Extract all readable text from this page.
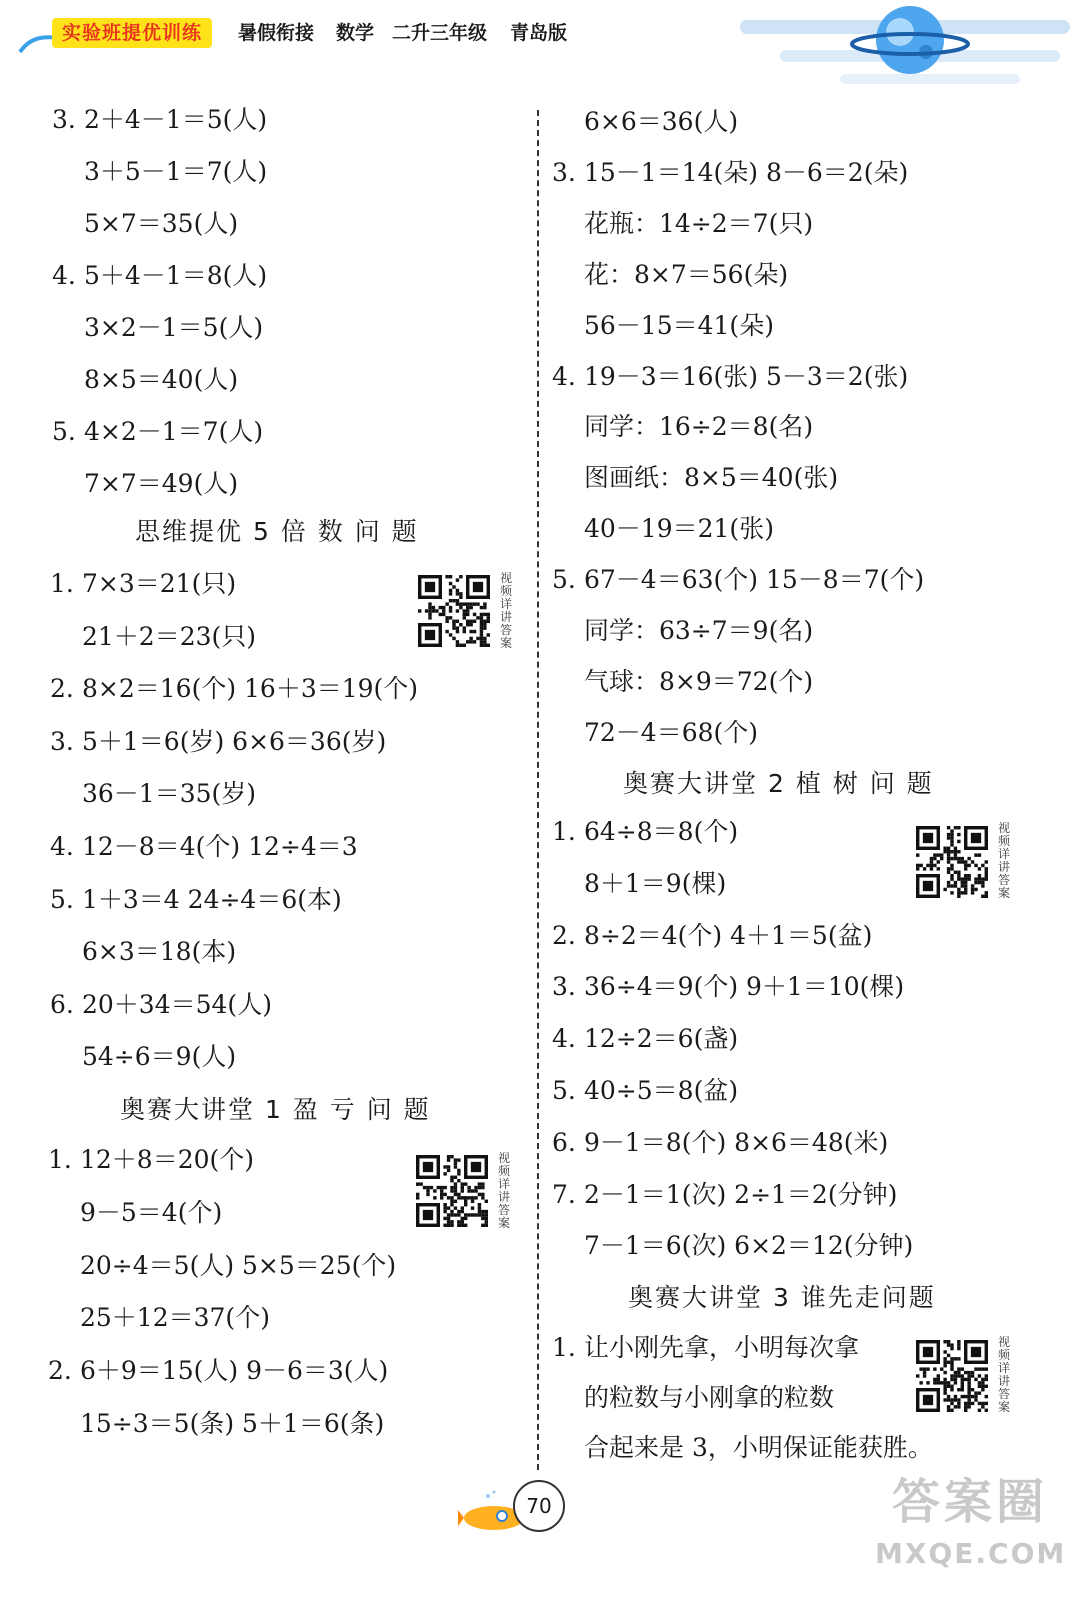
实验班提优训练	暑假衔接 数学 二升三年级 青岛版
3. 2＋4－1＝5(人)
3＋5－1＝7(人)
5×7＝35(人)
4. 5＋4－1＝8(人)
3×2－1＝5(人)
8×5＝40(人)
5. 4×2－1＝7(人)
7×7＝49(人)
思维提优 5 倍 数 问 题
1. 7×3＝21(只)
21＋2＝23(只)
2. 8×2＝16(个) 16＋3＝19(个)
3. 5＋1＝6(岁) 6×6＝36(岁)
36－1＝35(岁)
4. 12－8＝4(个) 12÷4＝3
5. 1＋3＝4 24÷4＝6(本)
6×3＝18(本)
6. 20＋34＝54(人)
54÷6＝9(人)
奥赛大讲堂 1 盈 亏 问 题
1. 12＋8＝20(个)
9－5＝4(个)
20÷4＝5(人) 5×5＝25(个)
25＋12＝37(个)
2. 6＋9＝15(人) 9－6＝3(人)
15÷3＝5(条) 5＋1＝6(条)
6×6＝36(人)
3. 15－1＝14(朵) 8－6＝2(朵)
花瓶：14÷2＝7(只)
花：8×7＝56(朵)
56－15＝41(朵)
4. 19－3＝16(张) 5－3＝2(张)
同学：16÷2＝8(名)
图画纸：8×5＝40(张)
40－19＝21(张)
5. 67－4＝63(个) 15－8＝7(个)
同学：63÷7＝9(名)
气球：8×9＝72(个)
72－4＝68(个)
奥赛大讲堂 2 植 树 问 题
1. 64÷8＝8(个)
8＋1＝9(棵)
2. 8÷2＝4(个) 4＋1＝5(盆)
3. 36÷4＝9(个) 9＋1＝10(棵)
4. 12÷2＝6(盏)
5. 40÷5＝8(盆)
6. 9－1＝8(个) 8×6＝48(米)
7. 2－1＝1(次) 2÷1＝2(分钟)
7－1＝6(次) 6×2＝12(分钟)
奥赛大讲堂 3 谁先走问题
1. 让小刚先拿，小明每次拿
的粒数与小刚拿的粒数
合起来是 3，小明保证能获胜。
视频详讲答案
视频详讲答案
视频详讲答案
视频详讲答案
70	答案圈
MXQE.COM
